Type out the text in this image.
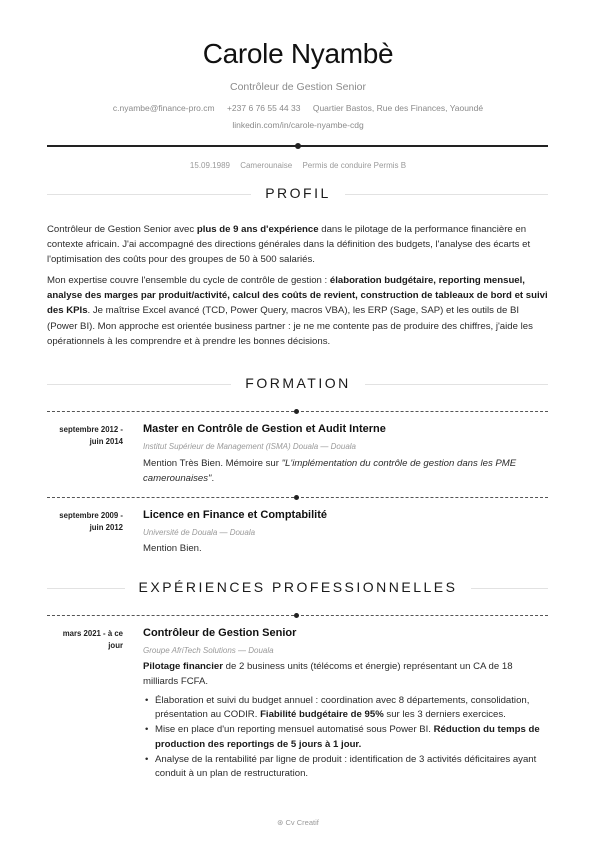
Carole Nyambè
Contrôleur de Gestion Senior
c.nyambe@finance-pro.cm +237 6 76 55 44 33 Quartier Bastos, Rue des Finances, Yaoundé
linkedin.com/in/carole-nyambe-cdg
15.09.1989 Camerounaise Permis de conduire Permis B
PROFIL
Contrôleur de Gestion Senior avec plus de 9 ans d'expérience dans le pilotage de la performance financière en contexte africain. J'ai accompagné des directions générales dans la définition des budgets, l'analyse des écarts et l'optimisation des coûts pour des groupes de 50 à 500 salariés.
Mon expertise couvre l'ensemble du cycle de contrôle de gestion : élaboration budgétaire, reporting mensuel, analyse des marges par produit/activité, calcul des coûts de revient, construction de tableaux de bord et suivi des KPIs. Je maîtrise Excel avancé (TCD, Power Query, macros VBA), les ERP (Sage, SAP) et les outils de BI (Power BI). Mon approche est orientée business partner : je ne me contente pas de produire des chiffres, j'aide les opérationnels à les comprendre et à prendre les bonnes décisions.
FORMATION
septembre 2012 -
juin 2014
Master en Contrôle de Gestion et Audit Interne
Institut Supérieur de Management (ISMA) Douala — Douala
Mention Très Bien. Mémoire sur "L'implémentation du contrôle de gestion dans les PME camerounaises".
septembre 2009 -
juin 2012
Licence en Finance et Comptabilité
Université de Douala — Douala
Mention Bien.
EXPÉRIENCES PROFESSIONNELLES
mars 2021 - à ce
jour
Contrôleur de Gestion Senior
Groupe AfriTech Solutions — Douala
Pilotage financier de 2 business units (télécoms et énergie) représentant un CA de 18 milliards FCFA.
• Élaboration et suivi du budget annuel : coordination avec 8 départements, consolidation, présentation au CODIR. Fiabilité budgétaire de 95% sur les 3 derniers exercices.
• Mise en place d'un reporting mensuel automatisé sous Power BI. Réduction du temps de production des reportings de 5 jours à 1 jour.
• Analyse de la rentabilité par ligne de produit : identification de 3 activités déficitaires ayant conduit à un plan de restructuration.
⊛ Cv Creatif
